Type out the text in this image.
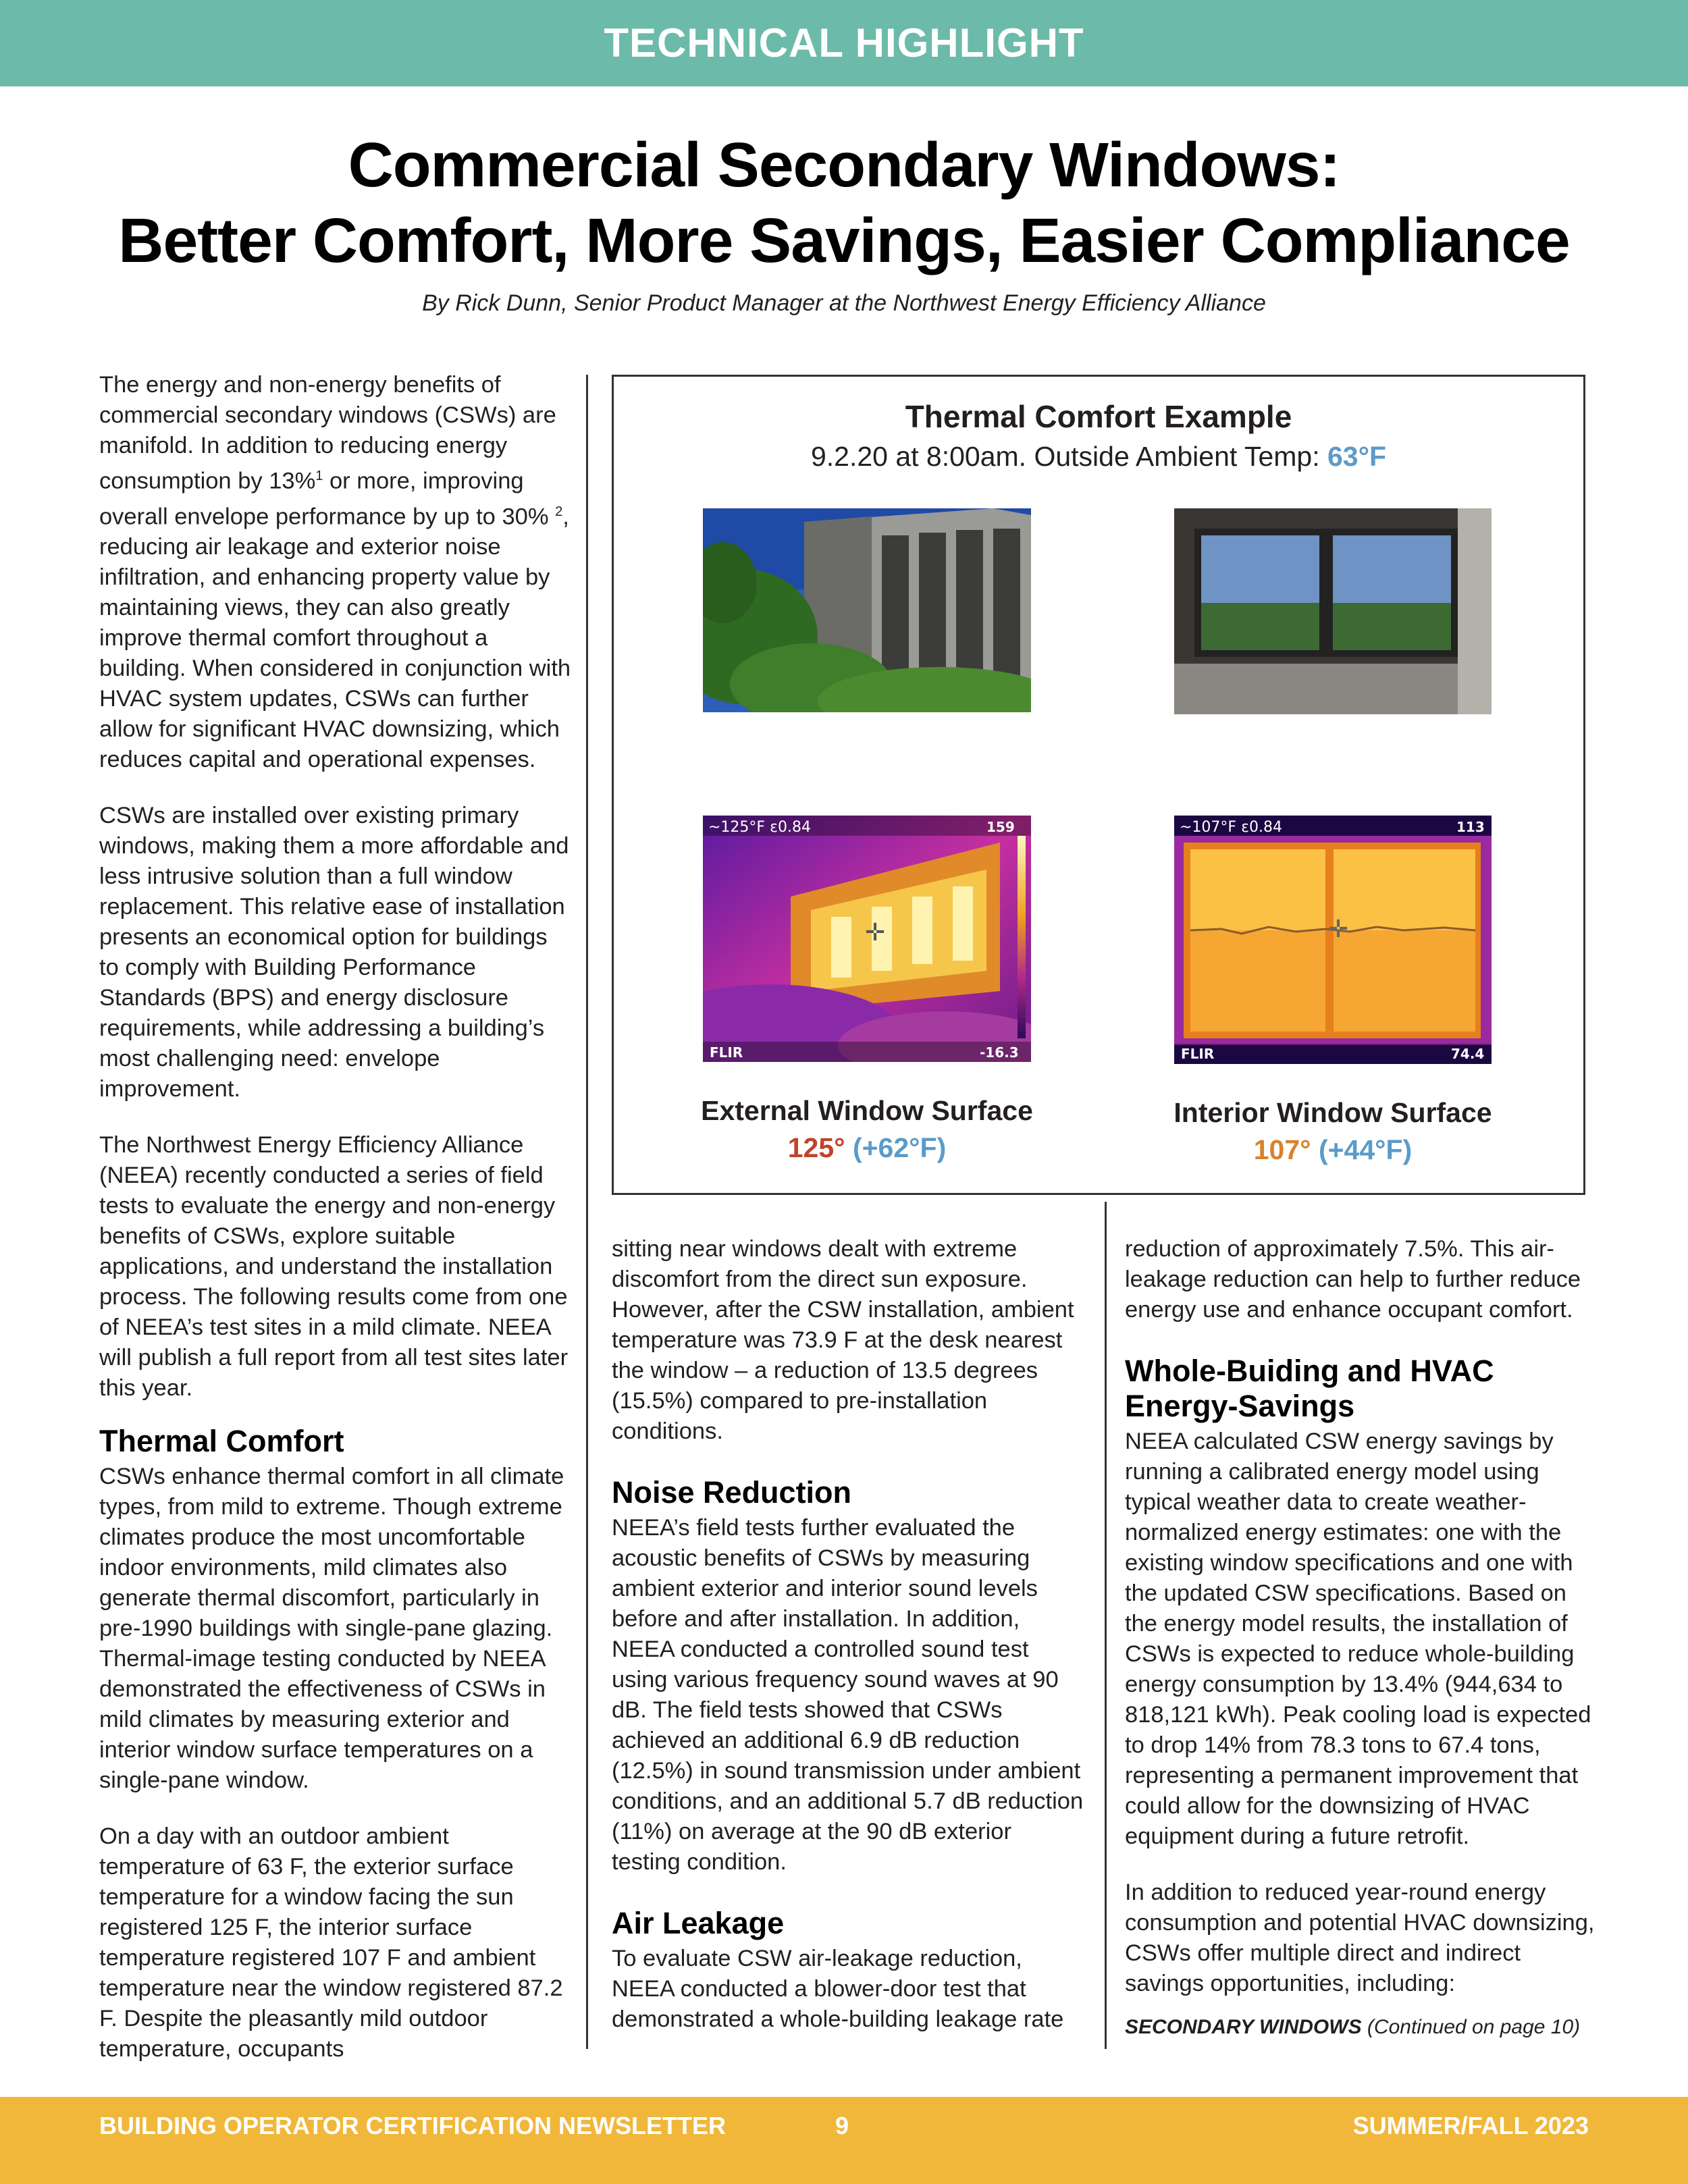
TECHNICAL HIGHLIGHT
Commercial Secondary Windows:
Better Comfort, More Savings, Easier Compliance
By Rick Dunn, Senior Product Manager at the Northwest Energy Efficiency Alliance

The energy and non-energy benefits of commercial secondary windows (CSWs) are manifold. In addition to reducing energy consumption by 13%$^1$ or more, improving overall envelope performance by up to 30% $^2$, reducing air leakage and exterior noise infiltration, and enhancing property value by maintaining views, they can also greatly improve thermal comfort throughout a building. When considered in conjunction with HVAC system updates, CSWs can further allow for significant HVAC downsizing, which reduces capital and operational expenses.

CSWs are installed over existing primary windows, making them a more affordable and less intrusive solution than a full window replacement. This relative ease of installation presents an economical option for buildings to comply with Building Performance Standards (BPS) and energy disclosure requirements, while addressing a building’s most challenging need: envelope improvement.

The Northwest Energy Efficiency Alliance (NEEA) recently conducted a series of field tests to evaluate the energy and non-energy benefits of CSWs, explore suitable applications, and understand the installation process. The following results come from one of NEEA’s test sites in a mild climate. NEEA will publish a full report from all test sites later this year.

Thermal Comfort

CSWs enhance thermal comfort in all climate types, from mild to extreme. Though extreme climates produce the most uncomfortable indoor environments, mild climates also generate thermal discomfort, particularly in pre-1990 buildings with single-pane glazing. Thermal-image testing conducted by NEEA demonstrated the effectiveness of CSWs in mild climates by measuring exterior and interior window surface temperatures on a single-pane window.

On a day with an outdoor ambient temperature of 63 F, the exterior surface temperature for a window facing the sun registered 125 F, the interior surface temperature registered 107 F and ambient temperature near the window registered 87.2 F. Despite the pleasantly mild outdoor temperature, occupants

Thermal Comfort Example
9.2.20 at 8:00am. Outside Ambient Temp: 63°F
✛
~125°F ε0.84	159
-16.3
FLIR
✛
~107°F ε0.84	113
74.4
FLIR
External Window Surface
125° (+62°F)
Interior Window Surface
107° (+44°F)

sitting near windows dealt with extreme discomfort from the direct sun exposure. However, after the CSW installation, ambient temperature was 73.9 F at the desk nearest the window – a reduction of 13.5 degrees (15.5%) compared to pre-installation conditions.

Noise Reduction

NEEA’s field tests further evaluated the acoustic benefits of CSWs by measuring ambient exterior and interior sound levels before and after installation. In addition, NEEA conducted a controlled sound test using various frequency sound waves at 90 dB. The field tests showed that CSWs achieved an additional 6.9 dB reduction (12.5%) in sound transmission under ambient conditions, and an additional 5.7 dB reduction (11%) on average at the 90 dB exterior testing condition.

Air Leakage

To evaluate CSW air-leakage reduction, NEEA conducted a blower-door test that demonstrated a whole-building leakage rate

reduction of approximately 7.5%. This air-leakage reduction can help to further reduce energy use and enhance occupant comfort.

Whole-Buiding and HVAC Energy-Savings

NEEA calculated CSW energy savings by running a calibrated energy model using typical weather data to create weather-normalized energy estimates: one with the existing window specifications and one with the updated CSW specifications. Based on the energy model results, the installation of CSWs is expected to reduce whole-building energy consumption by 13.4% (944,634 to 818,121 kWh). Peak cooling load is expected to drop 14% from 78.3 tons to 67.4 tons, representing a permanent improvement that could allow for the downsizing of HVAC equipment during a future retrofit.

In addition to reduced year-round energy consumption and potential HVAC downsizing, CSWs offer multiple direct and indirect savings opportunities, including:

SECONDARY WINDOWS (Continued on page 10)
BUILDING OPERATOR CERTIFICATION NEWSLETTER	9	SUMMER/FALL 2023
